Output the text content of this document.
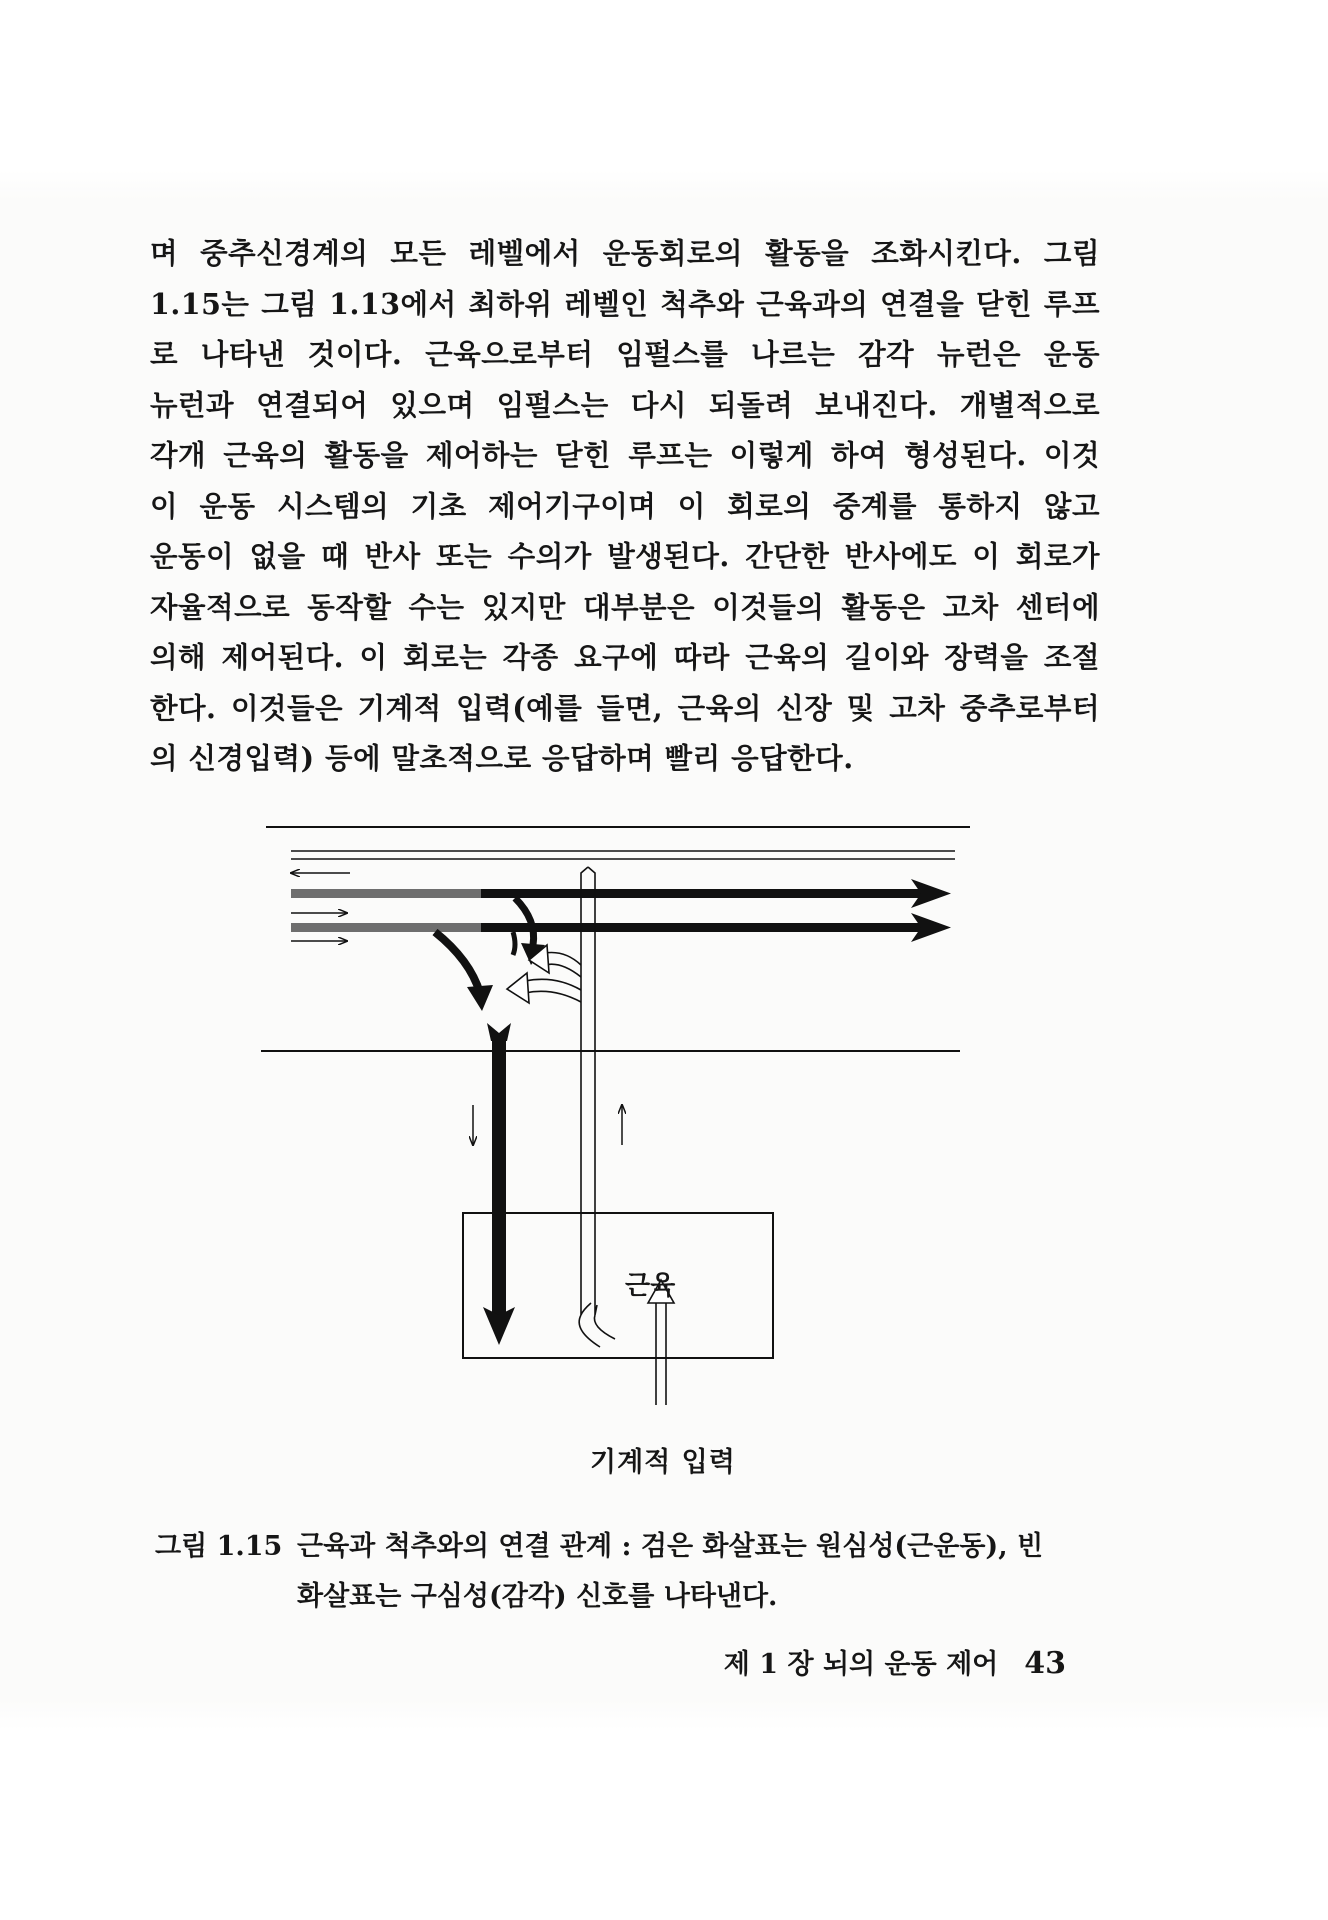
며 중추신경계의 모든 레벨에서 운동회로의 활동을 조화시킨다. 그림
1.15는 그림 1.13에서 최하위 레벨인 척추와 근육과의 연결을 닫힌 루프
로 나타낸 것이다. 근육으로부터 임펄스를 나르는 감각 뉴런은 운동
뉴런과 연결되어 있으며 임펄스는 다시 되돌려 보내진다. 개별적으로
각개 근육의 활동을 제어하는 닫힌 루프는 이렇게 하여 형성된다. 이것
이 운동 시스템의 기초 제어기구이며 이 회로의 중계를 통하지 않고
운동이 없을 때 반사 또는 수의가 발생된다. 간단한 반사에도 이 회로가
자율적으로 동작할 수는 있지만 대부분은 이것들의 활동은 고차 센터에
의해 제어된다. 이 회로는 각종 요구에 따라 근육의 길이와 장력을 조절
한다. 이것들은 기계적 입력(예를 들면, 근육의 신장 및 고차 중추로부터
의 신경입력) 등에 말초적으로 응답하며 빨리 응답한다.
근육
기계적 입력
그림 1.15 근육과 척추와의 연결 관계 : 검은 화살표는 원심성(근운동), 빈
화살표는 구심성(감각) 신호를 나타낸다.
제 1 장 뇌의 운동 제어 43
